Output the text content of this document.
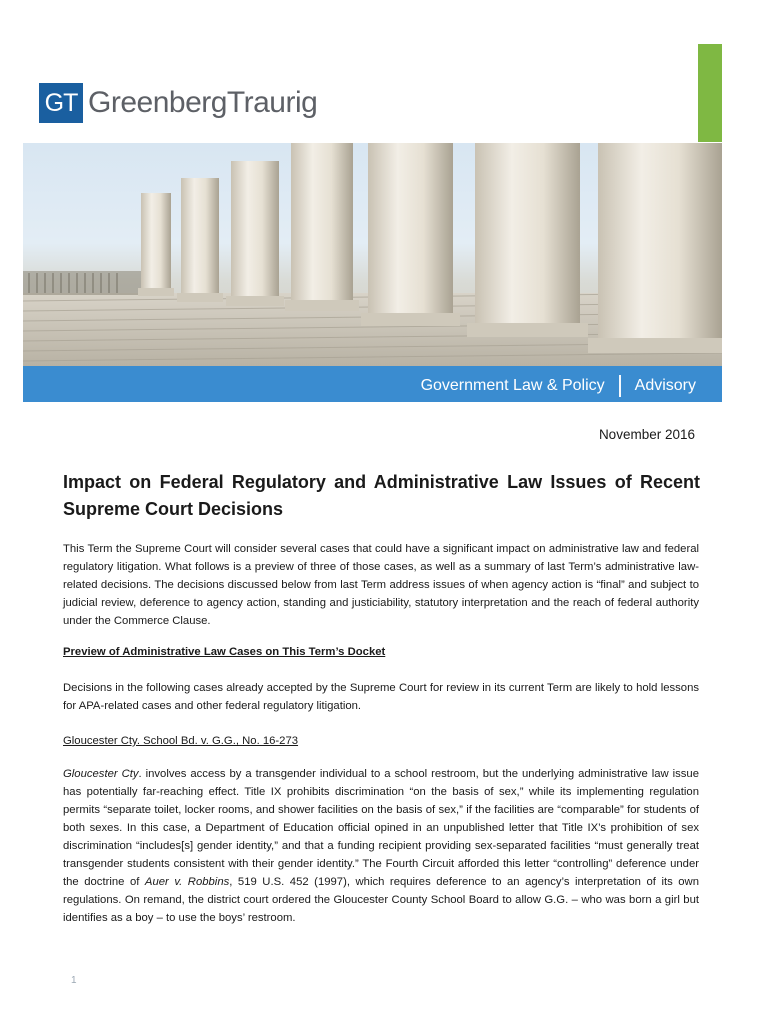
GT GreenbergTraurig
Government Law & Policy Advisory
November 2016
Impact on Federal Regulatory and Administrative Law Issues of Recent Supreme Court Decisions

This Term the Supreme Court will consider several cases that could have a significant impact on administrative law and federal regulatory litigation. What follows is a preview of three of those cases, as well as a summary of last Term’s administrative law-related decisions. The decisions discussed below from last Term address issues of when agency action is “final” and subject to judicial review, deference to agency action, standing and justiciability, statutory interpretation and the reach of federal authority under the Commerce Clause.

Preview of Administrative Law Cases on This Term’s Docket

Decisions in the following cases already accepted by the Supreme Court for review in its current Term are likely to hold lessons for APA-related cases and other federal regulatory litigation.

Gloucester Cty. School Bd. v. G.G., No. 16-273

Gloucester Cty. involves access by a transgender individual to a school restroom, but the underlying administrative law issue has potentially far-reaching effect. Title IX prohibits discrimination “on the basis of sex,” while its implementing regulation permits “separate toilet, locker rooms, and shower facilities on the basis of sex,” if the facilities are “comparable” for students of both sexes. In this case, a Department of Education official opined in an unpublished letter that Title IX’s prohibition of sex discrimination “includes[s] gender identity,” and that a funding recipient providing sex-separated facilities “must generally treat transgender students consistent with their gender identity.” The Fourth Circuit afforded this letter “controlling” deference under the doctrine of Auer v. Robbins, 519 U.S. 452 (1997), which requires deference to an agency’s interpretation of its own regulations. On remand, the district court ordered the Gloucester County School Board to allow G.G. – who was born a girl but identifies as a boy – to use the boys’ restroom.

1
